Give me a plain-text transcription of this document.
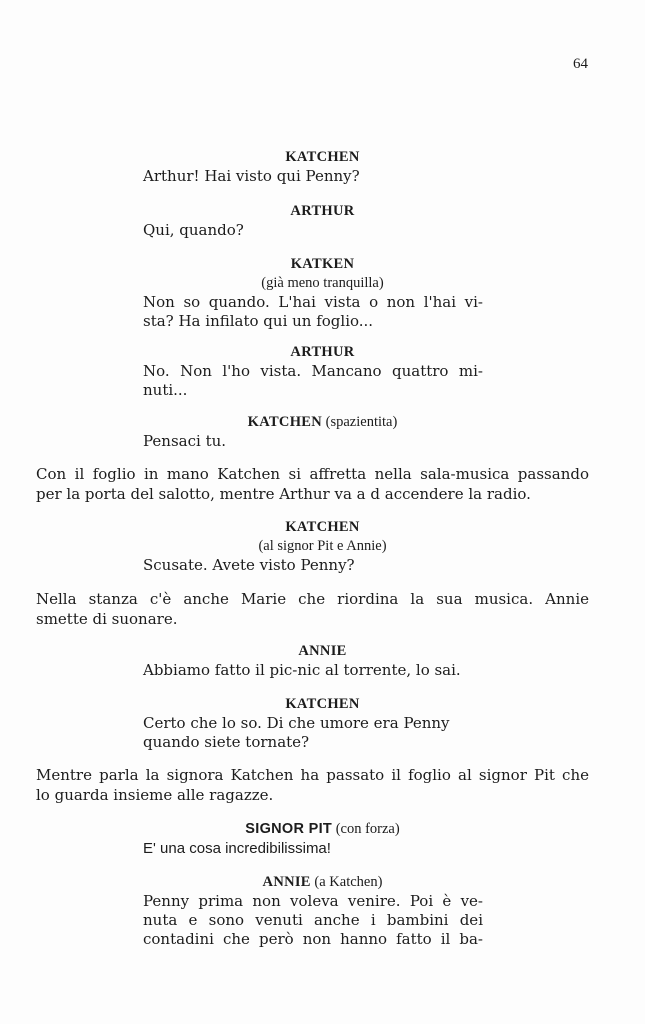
64
KATCHEN
Arthur! Hai visto qui Penny?
ARTHUR
Qui, quando?
KATKEN
(già meno tranquilla)
Non so quando. L'hai vista o non l'hai vi-
sta? Ha infilato qui un foglio...
ARTHUR
No. Non l'ho vista. Mancano quattro mi-
nuti...
KATCHEN (spazientita)
Pensaci tu.
Con il foglio in mano Katchen si affretta nella sala-musica passando
per la porta del salotto, mentre Arthur va a d accendere la radio.
KATCHEN
(al signor Pit e Annie)
Scusate. Avete visto Penny?
Nella stanza c'è anche Marie che riordina la sua musica. Annie
smette di suonare.
ANNIE
Abbiamo fatto il pic-nic al torrente, lo sai.
KATCHEN
Certo che lo so. Di che umore era Penny
quando siete tornate?
Mentre parla la signora Katchen ha passato il foglio al signor Pit che
lo guarda insieme alle ragazze.
SIGNOR PIT (con forza)
E' una cosa incredibilissima!
ANNIE (a Katchen)
Penny prima non voleva venire. Poi è ve-
nuta e sono venuti anche i bambini dei
contadini che però non hanno fatto il ba-
